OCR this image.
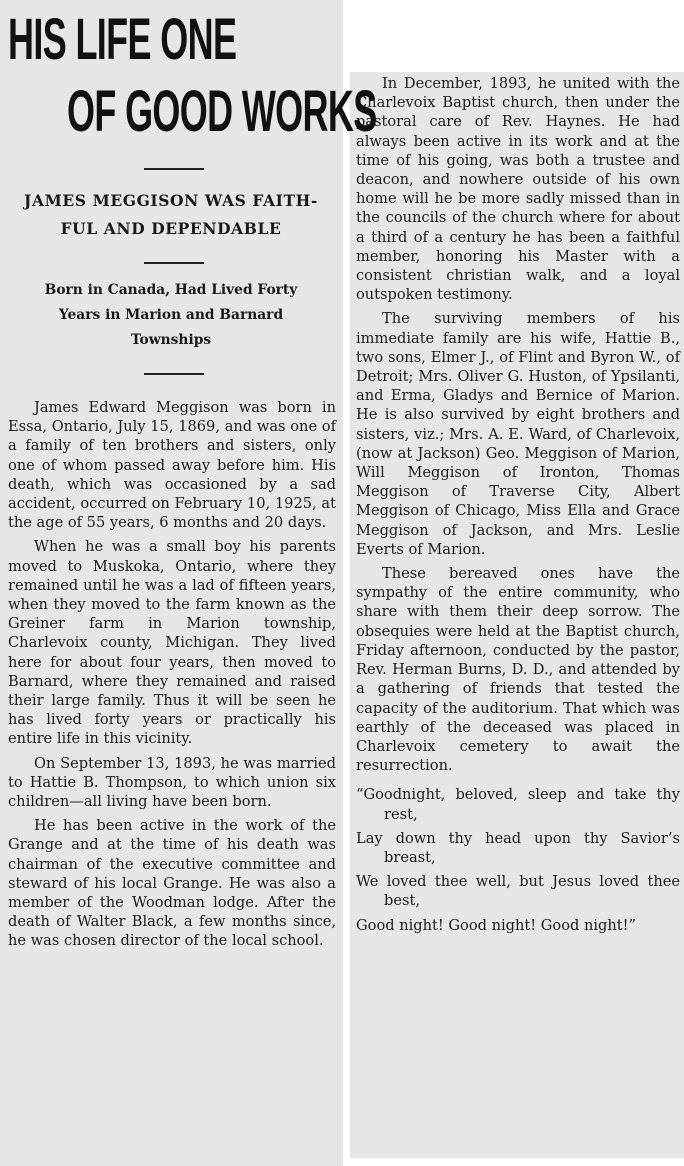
In December, 1893, he united with the Charlevoix Baptist church, then under the pastoral care of Rev. Haynes. He had always been active in its work and at the time of his going, was both a trustee and deacon, and nowhere outside of his own home will he be more sadly missed than in the councils of the church where for about a third of a century he has been a faithful member, honoring his Master with a consistent christian walk, and a loyal outspoken testimony.

The surviving members of his immediate family are his wife, Hattie B., two sons, Elmer J., of Flint and Byron W., of Detroit; Mrs. Oliver G. Huston, of Ypsilanti, and Erma, Gladys and Bernice of Marion. He is also survived by eight brothers and sisters, viz.; Mrs. A. E. Ward, of Charlevoix, (now at Jackson) Geo. Meggison of Marion, Will Meggison of Ironton, Thomas Meggison of Traverse City, Albert Meggison of Chicago, Miss Ella and Grace Meggison of Jackson, and Mrs. Leslie Everts of Marion.

These bereaved ones have the sympathy of the entire community, who share with them their deep sorrow. The obsequies were held at the Baptist church, Friday afternoon, conducted by the pastor, Rev. Herman Burns, D. D., and attended by a gathering of friends that tested the capacity of the auditorium. That which was earthly of the deceased was placed in Charlevoix cemetery to await the resurrection.

“Goodnight, beloved, sleep and take thy rest,

Lay down thy head upon thy Savior’s breast,

We loved thee well, but Jesus loved thee best,

Good night! Good night! Good night!”

HIS LIFE ONE
OF GOOD WORKS
JAMES MEGGISON WAS FAITH-
FUL AND DEPENDABLE
Born in Canada, Had Lived Forty
Years in Marion and Barnard
Townships

James Edward Meggison was born in Essa, Ontario, July 15, 1869, and was one of a family of ten brothers and sisters, only one of whom passed away before him. His death, which was occasioned by a sad accident, occurred on February 10, 1925, at the age of 55 years, 6 months and 20 days.

When he was a small boy his parents moved to Muskoka, Ontario, where they remained until he was a lad of fifteen years, when they moved to the farm known as the Greiner farm in Marion township, Charlevoix county, Michigan. They lived here for about four years, then moved to Barnard, where they remained and raised their large family. Thus it will be seen he has lived forty years or practically his entire life in this vicinity.

On September 13, 1893, he was married to Hattie B. Thompson, to which union six children—all living have been born.

He has been active in the work of the Grange and at the time of his death was chairman of the executive committee and steward of his local Grange. He was also a member of the Woodman lodge. After the death of Walter Black, a few months since, he was chosen director of the local school.
